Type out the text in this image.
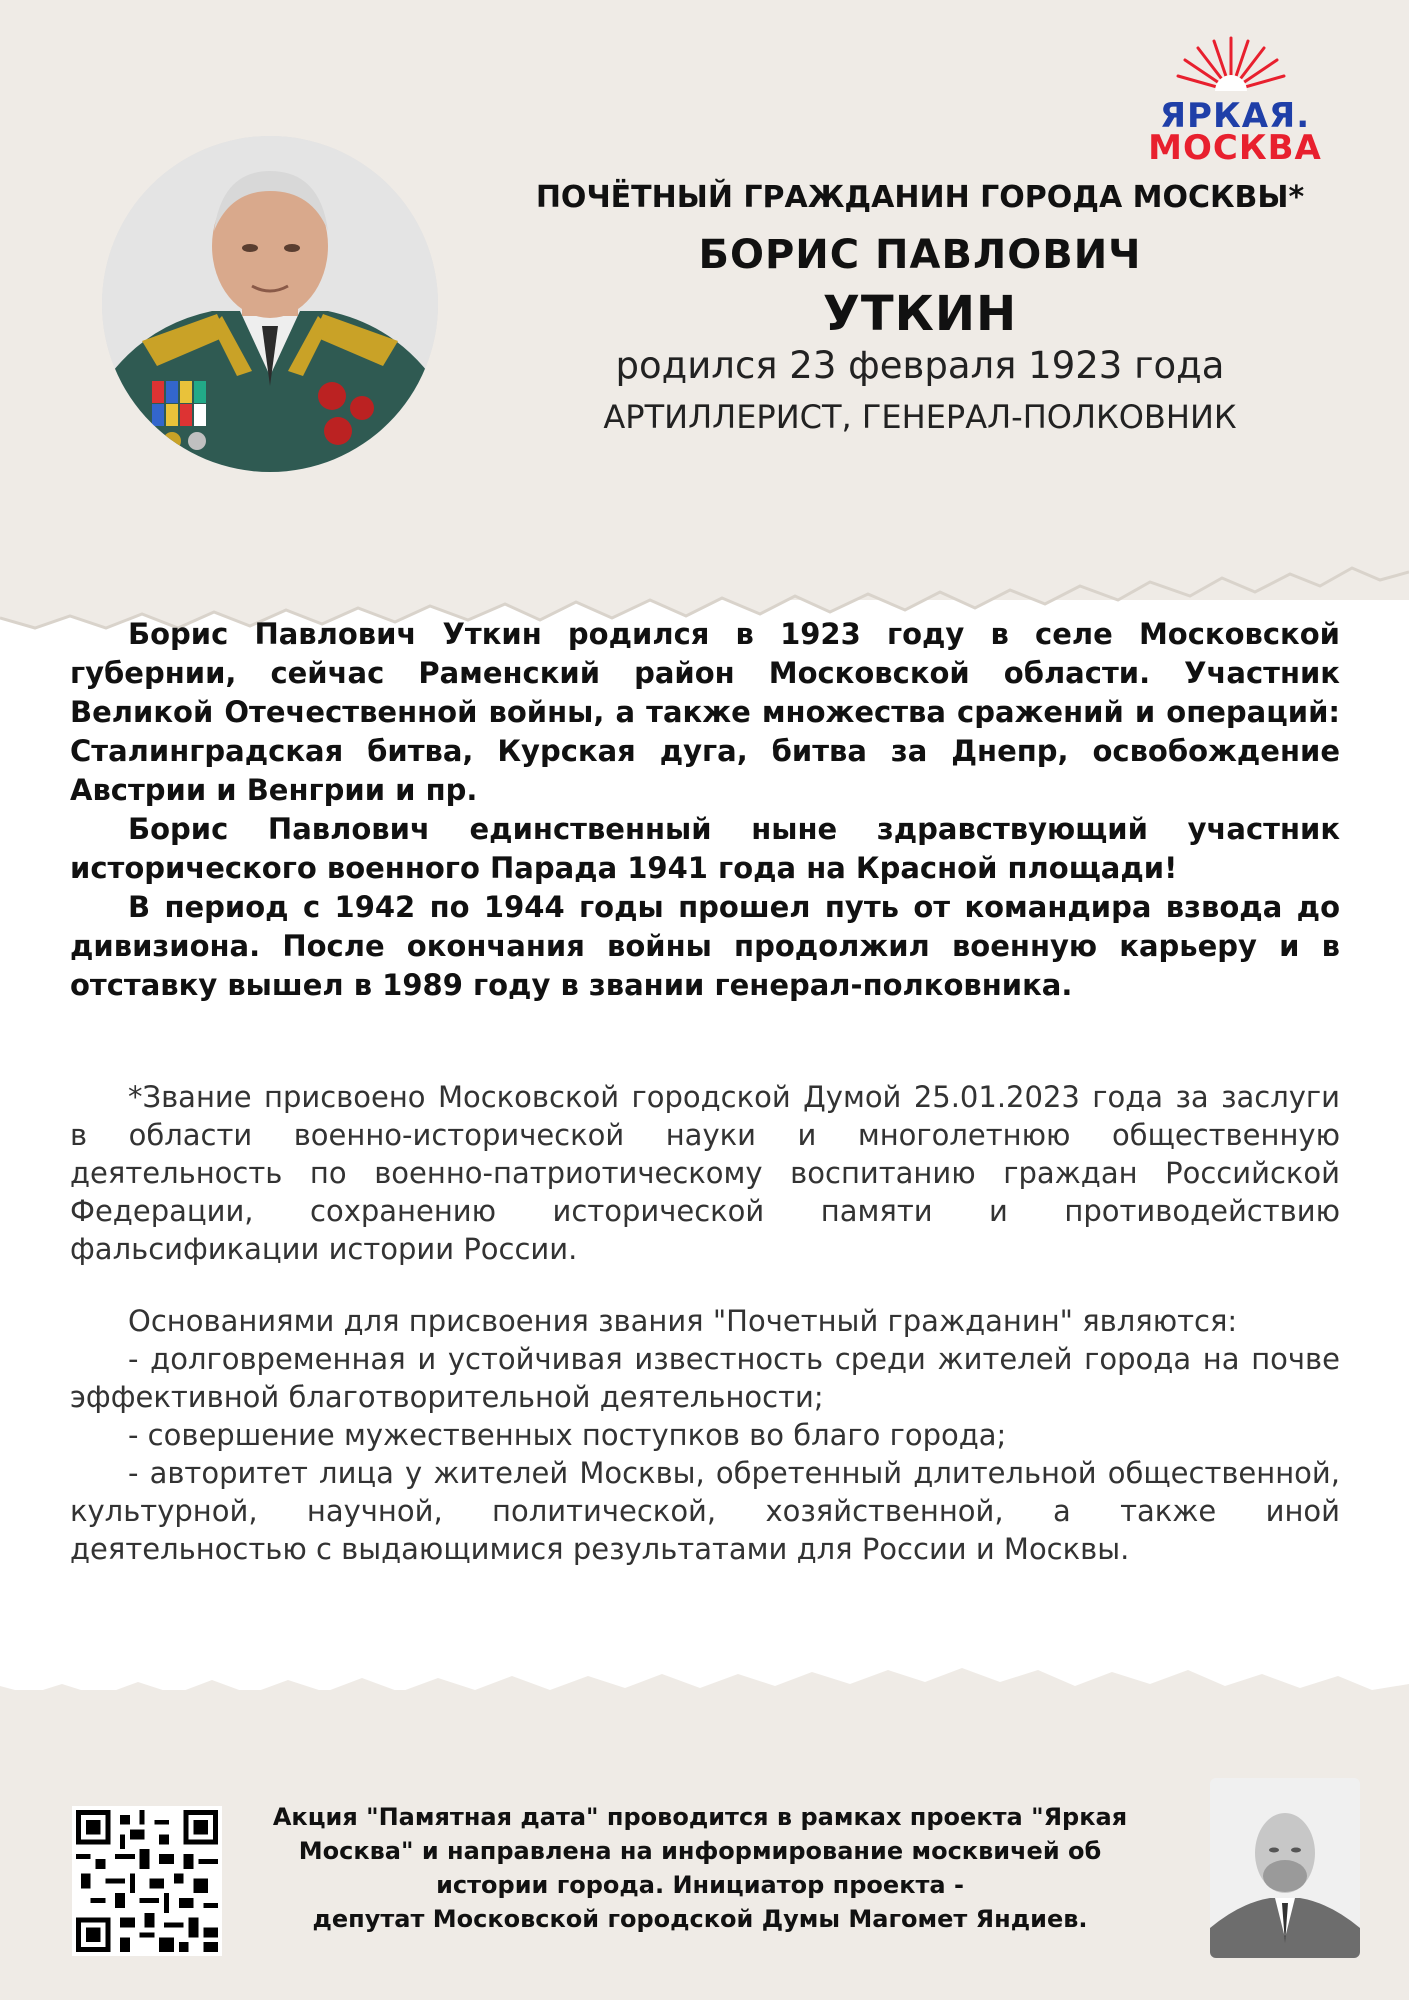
ЯРКАЯ.
МОСКВА
ПОЧЁТНЫЙ ГРАЖДАНИН ГОРОДА МОСКВЫ*
БОРИС ПАВЛОВИЧ
УТКИН
родился 23 февраля 1923 года
АРТИЛЛЕРИСТ, ГЕНЕРАЛ-ПОЛКОВНИК

Борис Павлович Уткин родился в 1923 году в селе Московской губернии, сейчас Раменский район Московской области. Участник Великой Отечественной войны, а также множества сражений и операций: Сталинградская битва, Курская дуга, битва за Днепр, освобождение Австрии и Венгрии и пр.

Борис Павлович единственный ныне здравствующий участник исторического военного Парада 1941 года на Красной площади!

В период с 1942 по 1944 годы прошел путь от командира взвода до дивизиона. После окончания войны продолжил военную карьеру и в отставку вышел в 1989 году в звании генерал-полковника.

*Звание присвоено Московской городской Думой 25.01.2023 года за заслуги в области военно-исторической науки и многолетнюю общественную деятельность по военно-патриотическому воспитанию граждан Российской Федерации, сохранению исторической памяти и противодействию фальсификации истории России.

Основаниями для присвоения звания "Почетный гражданин" являются:

- долговременная и устойчивая известность среди жителей города на почве эффективной благотворительной деятельности;

- совершение мужественных поступков во благо города;

- авторитет лица у жителей Москвы, обретенный длительной общественной, культурной, научной, политической, хозяйственной, а также иной деятельностью с выдающимися результатами для России и Москвы.

Акция "Памятная дата" проводится в рамках проекта "Яркая
Москва" и направлена на информирование москвичей об
истории города. Инициатор проекта -
депутат Московской городской Думы Магомет Яндиев.
